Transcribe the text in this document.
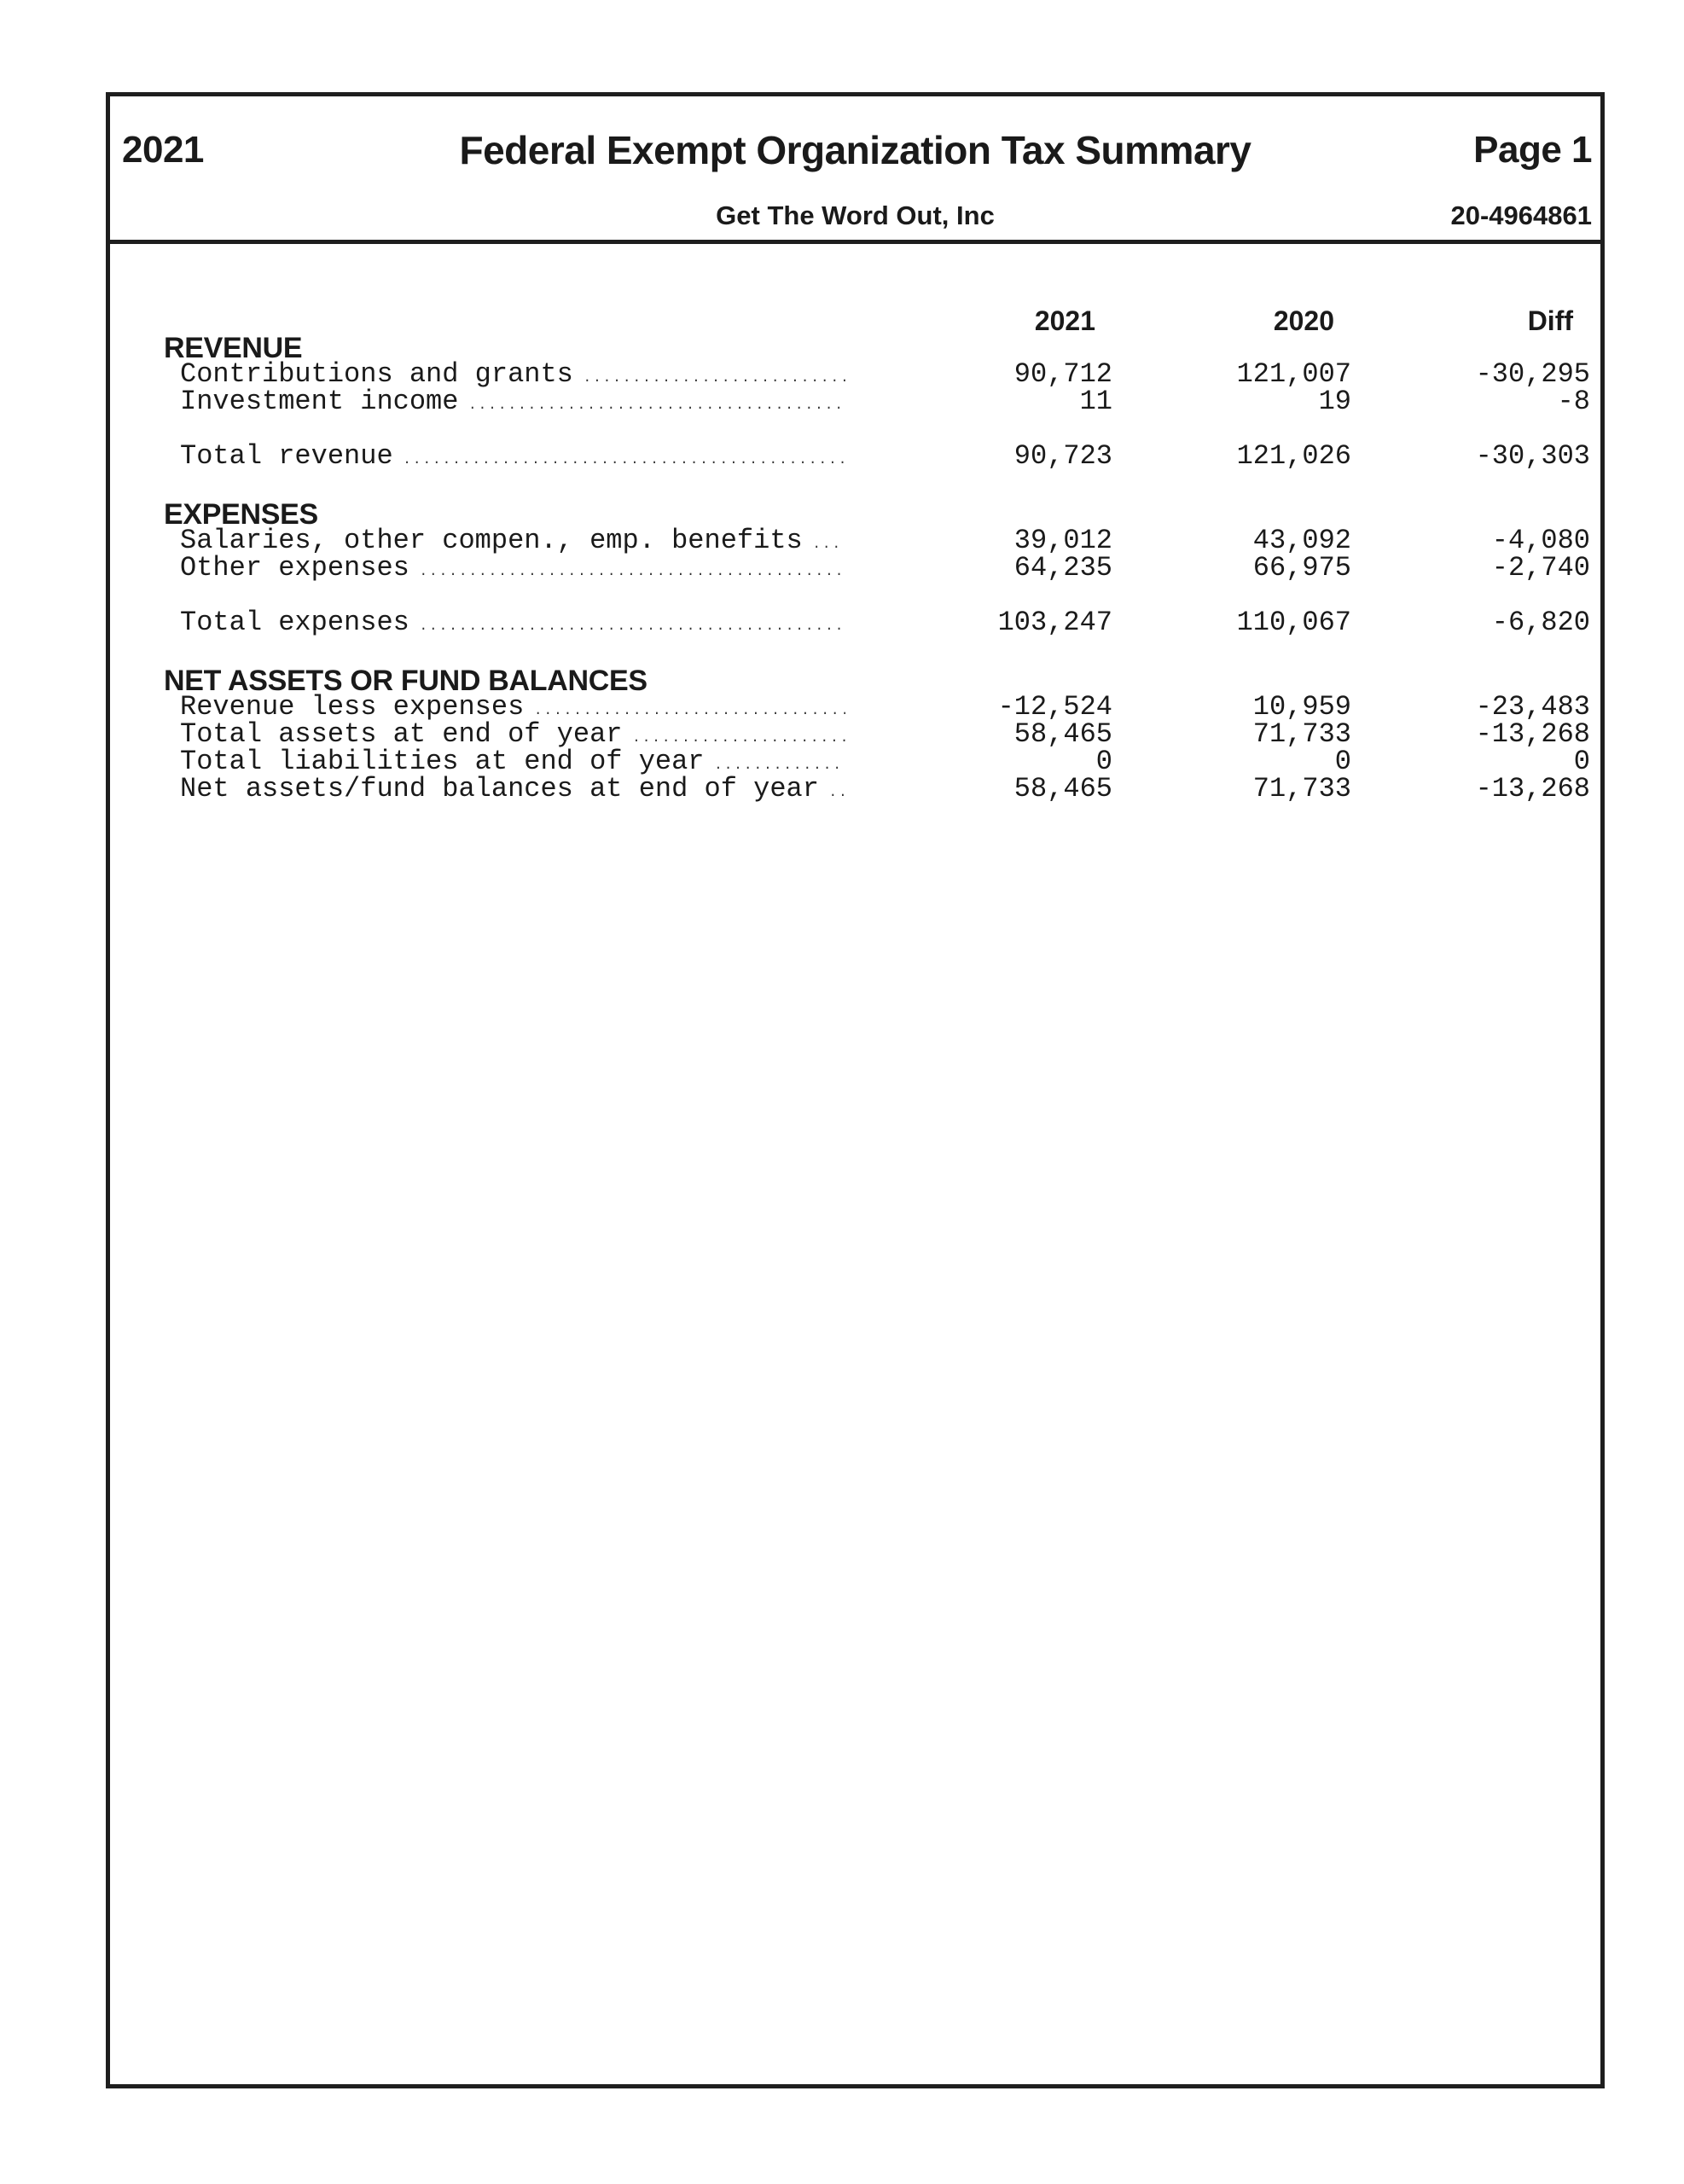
Federal Exempt Organization Tax Summary
2021	Page 1
Get The Word Out, Inc	20-4964861
2021	2020	Diff
REVENUE
Contributions and grants .....	90,712	121,007	-30,295
Investment income .....	11	19	-8
Total revenue .....	90,723	121,026	-30,303
EXPENSES
Salaries, other compen., emp. benefits .....	39,012	43,092	-4,080
Other expenses .....	64,235	66,975	-2,740
Total expenses .....	103,247	110,067	-6,820
NET ASSETS OR FUND BALANCES
Revenue less expenses .....	-12,524	10,959	-23,483
Total assets at end of year .....	58,465	71,733	-13,268
Total liabilities at end of year .....	0	0	0
Net assets/fund balances at end of year .....	58,465	71,733	-13,268
